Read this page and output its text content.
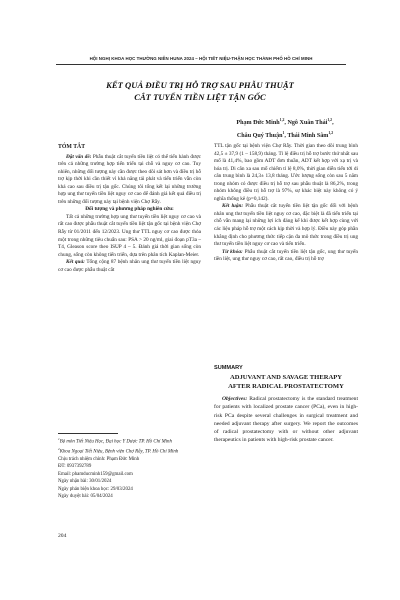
HỘI NGHỊ KHOA HỌC THƯỜNG NIÊN HUNA 2024 – HỘI TIẾT NIỆU-THẬN HỌC THÀNH PHỐ HỒ CHÍ MINH
KẾT QUẢ ĐIỀU TRỊ HỖ TRỢ SAU PHẪU THUẬT
CẮT TUYẾN TIỀN LIỆT TẬN GỐC
Phạm Đức Minh$^{1,2}$, Ngô Xuân Thái$^{1,2}$,
Châu Quý Thuận$^1$, Thái Minh Sâm$^{1,2}$
TÓM TẮT

Đặt vấn đề: Phẫu thuật cắt tuyến tiền liệt có thể tiến hành được trên cả những trường hợp tiến triển tại chỗ và nguy cơ cao. Tuy nhiên, những đối tượng này cần được theo dõi sát hơn và điều trị hỗ trợ kịp thời khi cần thiết vì khả năng tái phát và tiến triển vẫn còn khá cao sau điều trị tận gốc. Chúng tôi tổng kết lại những trường hợp ung thư tuyến tiền liệt nguy cơ cao để đánh giá kết quả điều trị trên những đối tượng này tại bệnh viện Chợ Rẫy.

Đối tượng và phương pháp nghiên cứu:

Tất cả những trường hợp ung thư tuyến tiền liệt nguy cơ cao và rất cao được phẫu thuật cắt tuyến tiền liệt tận gốc tại bệnh viện Chợ Rẫy từ 01/2011 đến 12/2023. Ung thư TTL nguy cơ cao được thỏa một trong những tiêu chuẩn sau: PSA > 20 ng/ml, giai đoạn pT3a – T4, Gleason score theo ISUP 4 – 5. Đánh giá thời gian sống còn chung, sống còn không tiến triển, dựa trên phân tích Kaplan-Meier.

Kết quả: Tổng cộng 87 bệnh nhân ung thư tuyến tiền liệt nguy cơ cao được phẫu thuật cắt

$^1$Bộ môn Tiết Niệu Học, Đại học Y Dược TP. Hồ Chí Minh
$^2$Khoa Ngoại Tiết Niệu, Bệnh viện Chợ Rẫy, TP. Hồ Chí Minh
Chịu trách nhiệm chính: Phạm Đức Minh
ĐT: 0937392789
Email: phamducminh159@gmail.com
Ngày nhận bài: 30/01/2024
Ngày phản biện khoa học: 29/03/2024
Ngày duyệt bài: 05/04/2024

TTL tận gốc tại bệnh viện Chợ Rẫy. Thời gian theo dõi trung bình 42,5 ± 37,9 (1 – 158,9) tháng. Tỉ lệ điều trị hỗ trợ bước thứ nhất sau mổ là 41,4%, bao gồm ADT đơn thuần, ADT kết hợp với xạ trị và hóa trị. Di căn xa sau mổ chiếm tỉ lệ 8,0%, thời gian diễn tiến tới di căn trung bình là 24,3± 13,8 tháng. Ước lượng sống còn sau 5 năm trong nhóm có được điều trị hỗ trợ sau phẫu thuật là 86,2%, trong nhóm không điều trị hỗ trợ là 97%, sự khác biệt này không có ý nghĩa thống kê (p=0,142).

Kết luận: Phẫu thuật cắt tuyến tiền liệt tận gốc đối với bệnh nhân ung thư tuyến tiền liệt nguy cơ cao, đặc biệt là đã tiến triển tại chỗ vẫn mang lại những lợi ích đáng kể khi được kết hợp cùng với các liệu pháp hỗ trợ một cách kịp thời và hợp lý. Điều này góp phần khẳng định cho phương thức tiếp cận đa mô thức trong điều trị ung thư tuyến tiền liệt nguy cơ cao và tiến triển.

Từ khóa: Phẫu thuật cắt tuyến tiền liệt tận gốc, ung thư tuyến tiền liệt, ung thư nguy cơ cao, rất cao, điều trị hỗ trợ

SUMMARY
ADJUVANT AND SAVAGE THERAPY
AFTER RADICAL PROSTATECTOMY

Objectives: Radical prostatectomy is the standard treatment for patients with localized prostate cancer (PCa), even in high-risk PCa despite several challenges in surgical treatment and needed adjuvant therapy after surgery. We report the outcomes of radical prostatectomy with or without other adjuvant therapeutics in patients with high-risk prostate cancer.

204
